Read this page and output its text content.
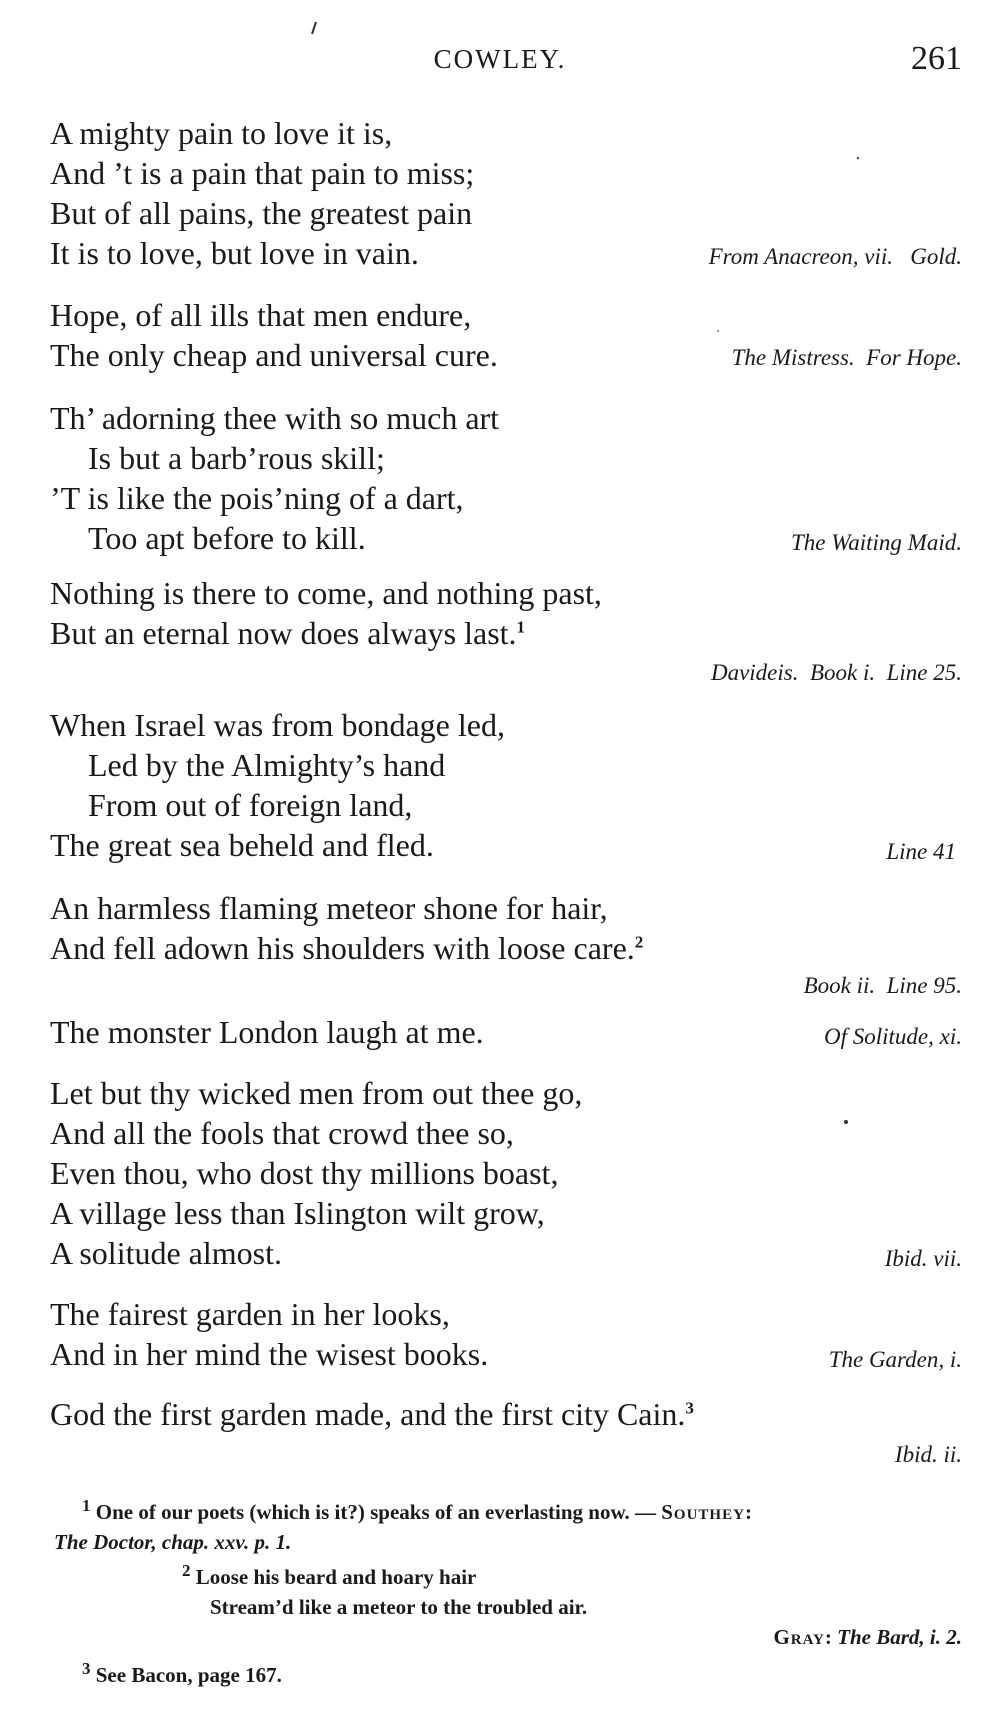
COWLEY.	261
A mighty pain to love it is,
And ’t is a pain that pain to miss;
But of all pains, the greatest pain
It is to love, but love in vain.	From Anacreon, vii.   Gold.
Hope, of all ills that men endure,
The only cheap and universal cure.	The Mistress.  For Hope.
Th’ adorning thee with so much art
Is but a barb’rous skill;
’T is like the pois’ning of a dart,
Too apt before to kill.	The Waiting Maid.
Nothing is there to come, and nothing past,
But an eternal now does always last.$^1$
Davideis.  Book i.  Line 25.
When Israel was from bondage led,
Led by the Almighty’s hand
From out of foreign land,
The great sea beheld and fled.	Line 41
An harmless flaming meteor shone for hair,
And fell adown his shoulders with loose care.$^2$
Book ii.  Line 95.
The monster London laugh at me.	Of Solitude, xi.
Let but thy wicked men from out thee go,
And all the fools that crowd thee so,
Even thou, who dost thy millions boast,
A village less than Islington wilt grow,
A solitude almost.	Ibid. vii.
The fairest garden in her looks,
And in her mind the wisest books.	The Garden, i.
God the first garden made, and the first city Cain.$^3$
Ibid. ii.
$^1$ One of our poets (which is it?) speaks of an everlasting now. — Southey:
The Doctor, chap. xxv. p. 1.
$^2$ Loose his beard and hoary hair
Stream’d like a meteor to the troubled air.
Gray: The Bard, i. 2.
$^3$ See Bacon, page 167.
